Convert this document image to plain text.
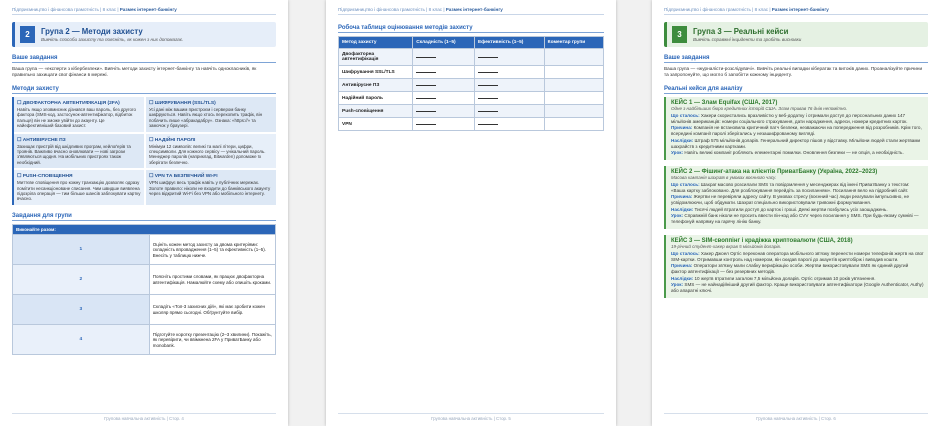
Підприємництво і фінансова грамотність | 8 клас | Размек інтернет-банкінгу
2	Група 2 — Методи захисту
Вивчіть способи захисту та поясніть, як кожен з них допомагає.
Ваше завдання
Ваша група — «експерти з кібербезпеки». Вивчіть методи захисту інтернет-банкінгу та навчіть однокласників, як правильно захищати свої фінанси в мережі.
Методи захисту
☐ ДВОФАКТОРНА АВТЕНТИФІКАЦІЯ (2FA)
Навіть якщо зловмисник дізнався ваш пароль, без другого фактора (SMS-код, застосунок-автентифікатор, відбиток пальця) він не зможе увійти до акаунту. Це найефективніший базовий захист.
☐ ШИФРУВАННЯ (SSL/TLS)
Усі дані між вашим пристроєм і сервером банку шифруються. Навіть якщо хтось перехопить трафік, він побачить лише «абракадабру». Ознака: «https://» та замочок у браузері.
☐ АНТИВІРУСНЕ ПЗ
Захищає пристрій від шкідливих програм, кейлоґерів та троянів. Важливо вчасно оновлювати — нові загрози з'являються щодня. На мобільних пристроях також необхідний.
☐ НАДІЙНІ ПАРОЛІ
Мінімум 12 символів: великі та малі літери, цифри, спецсимволи. Для кожного сервісу — унікальний пароль. Менеджер паролів (наприклад, Bitwarden) допоможе їх зберігати безпечно.
☐ PUSH-СПОВІЩЕННЯ
Миттєве сповіщення про кожну транзакцію дозволяє одразу помітити несанкціоноване списання. Чим швидше виявлена підозріла операція — тим більше шансів заблокувати картку вчасно.
☐ VPN ТА БЕЗПЕЧНИЙ WI-FI
VPN шифрує весь трафік навіть у публічних мережах. Золоте правило: ніколи не входити до банківського акаунту через відкритий Wi-Fi без VPN або мобільного інтернету.
Завдання для групи
Виконайте разом:	
1	Оцініть кожен метод захисту за двома критеріями: складність впровадження (1–5) та ефективність (1–5). Внесіть у таблицю нижче.
2	Поясніть простими словами, як працює двофакторна автентифікація. Намалюйте схему або опишіть кроками.
3	Складіть «Топ-3 захисних дій», які має зробити кожен школяр прямо сьогодні. Обґрунтуйте вибір.
4	Підготуйте коротку презентацію (2–3 хвилини). Покажіть, як перевірити, чи ввімкнена 2FA у ПриватБанку або monobank.
Групова навчальна активність | Стор. 4
Підприємництво і фінансова грамотність | 8 клас | Размек інтернет-банкінгу
Робоча таблиця оцінювання методів захисту
Метод захисту	Складність (1–5)	Ефективність (1–5)	Коментар групи
Двофакторна автентифікація			
Шифрування SSL/TLS			
Антивірусне ПЗ			
Надійний пароль			
Push-сповіщення			
VPN			
Групова навчальна активність | Стор. 5
Підприємництво і фінансова грамотність | 8 клас | Размек інтернет-банкінгу
3	Група 3 — Реальні кейси
Вивчіть справжні інциденти та зробіть висновки
Ваше завдання
Ваша група — «журналісти-розслідувачі». Вивчіть реальні випадки кібератак та витоків даних. Проаналізуйте причини та запропонуйте, що могло б запобігти кожному інциденту.
Реальні кейси для аналізу
КЕЙС 1 — Злам Equifax (США, 2017)
Одне з найбільших бюро кредитних історій США. Злам тривав 76 днів непомітно.
Що сталось: Хакери скористались вразливістю у веб-додатку і отримали доступ до персональних даних 147 мільйонів американців: номери соціального страхування, дати народження, адреси, номери кредитних карток.
Причина: Компанія не встановила критичний патч безпеки, незважаючи на попередження від розробників. Крім того, всередині компанії паролі зберігались у незашифрованому вигляді.
Наслідки: Штраф 575 мільйонів доларів. Генеральний директор пішов у відставку. Мільйони людей стали жертвами шахрайств з кредитними картками.
Урок: Навіть великі компанії робляють елементарні помилки. Оновлення безпеки — не опція, а необхідність.
КЕЙС 2 — Фішинг-атака на клієнтів ПриватБанку (Україна, 2022–2023)
Масова кампанія шахраїв в умовах воєнного часу.
Що сталось: Шахраї масово розсилали SMS та повідомлення у месенджерах від імені ПриватБанку з текстом: «Ваша картку заблоковано. Для розблокування перейдіть за посиланням». Посилання вело на підробний сайт.
Причина: Жертви не перевіряли адресу сайту. В умовах стресу (воєнний час) люди реагували імпульсивно, не усвідомлюючи, щоб обдумати. Шахраї спеціально використовували тривожні формулювання.
Наслідки: Тисячі людей втратили доступ до карток і гроші. Деякі жертви позбулись усіх заощаджень.
Урок: Справжній банк ніколи не просить ввести пін-код або CVV через посилання у SMS. При будь-якому сумніві — телефонуй напряму на гарячу лінію банку.
КЕЙС 3 — SIM-своппінг і крадіжка криптовалюти (США, 2018)
19-річний студент-хакер вкрав 5 мільйонів доларів.
Що сталось: Хакер Джоел Ортіс переконав оператора мобільного зв'язку перенести номери телефонів жертв на свої SIM-картки. Отримавши контроль над номером, він скидав паролі до акаунтів криптобірж і виводив кошти.
Причина: Оператори зв'язку мали слабку верифікацію особи. Жертви використовували SMS як єдиний другий фактор автентифікації — без резервних методів.
Наслідки: 10 жертв втратили загалом 7,5 мільйона доларів. Ортіс отримав 10 років ув'язнення.
Урок: SMS — не найнадійніший другий фактор. Краще використовувати автентифікатори (Google Authenticator, Authy) або апаратні ключі.
Групова навчальна активність | Стор. 6
